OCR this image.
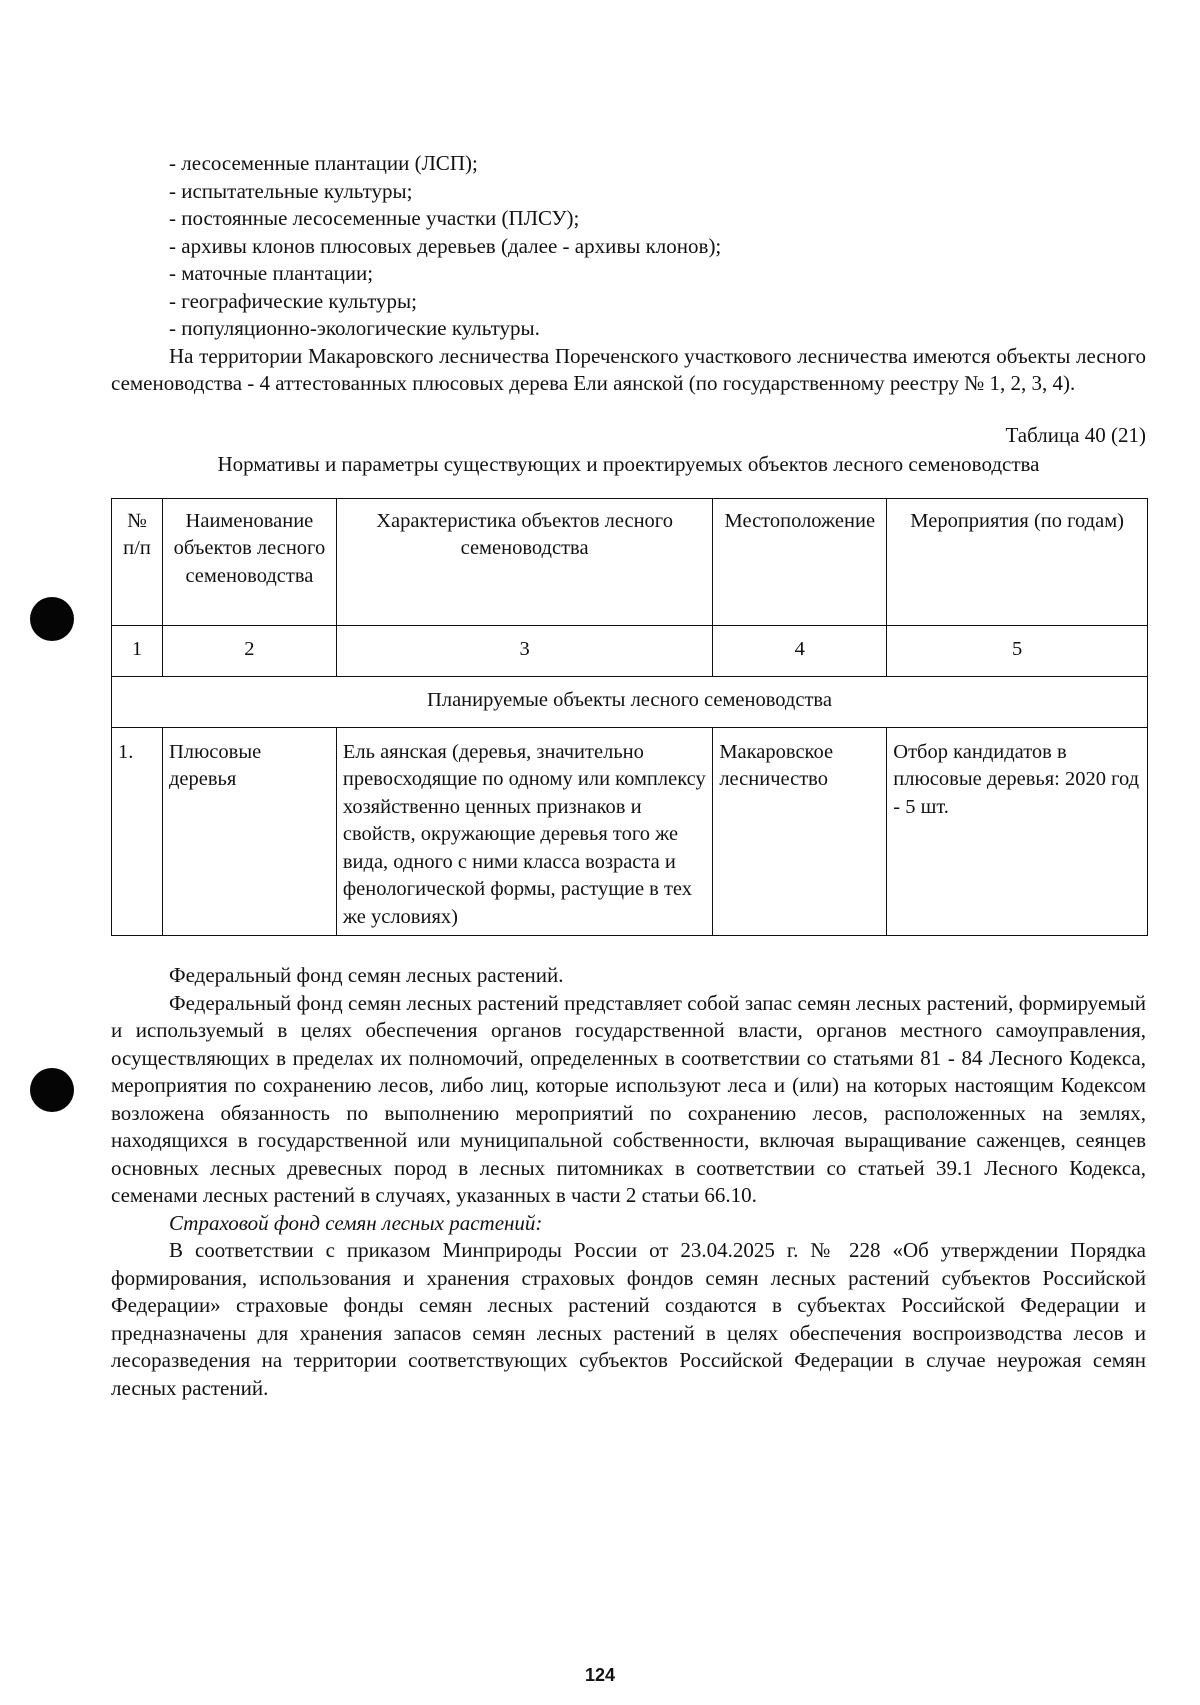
- лесосеменные плантации (ЛСП);
- испытательные культуры;
- постоянные лесосеменные участки (ПЛСУ);
- архивы клонов плюсовых деревьев (далее - архивы клонов);
- маточные плантации;
- географические культуры;
- популяционно-экологические культуры.

На территории Макаровского лесничества Пореченского участкового лесничества имеются объекты лесного семеноводства - 4 аттестованных плюсовых дерева Ели аянской (по государственному реестру № 1, 2, 3, 4).

Таблица 40 (21)
Нормативы и параметры существующих и проектируемых объектов лесного семеноводства
№ п/п	Наименование объектов лесного семеноводства	Характеристика объектов лесного семеноводства	Местоположение	Мероприятия (по годам)
1	2	3	4	5
Планируемые объекты лесного семеноводства				
1.	Плюсовые деревья	Ель аянская (деревья, значительно превосходящие по одному или комплексу хозяйственно ценных признаков и свойств, окружающие деревья того же вида, одного с ними класса возраста и фенологической формы, растущие в тех же условиях)	Макаровское лесничество	Отбор кандидатов в плюсовые деревья: 2020 год - 5 шт.

Федеральный фонд семян лесных растений.

Федеральный фонд семян лесных растений представляет собой запас семян лесных растений, формируемый и используемый в целях обеспечения органов государственной власти, органов местного самоуправления, осуществляющих в пределах их полномочий, определенных в соответствии со статьями 81 - 84 Лесного Кодекса, мероприятия по сохранению лесов, либо лиц, которые используют леса и (или) на которых настоящим Кодексом возложена обязанность по выполнению мероприятий по сохранению лесов, расположенных на землях, находящихся в государственной или муниципальной собственности, включая выращивание саженцев, сеянцев основных лесных древесных пород в лесных питомниках в соответствии со статьей 39.1 Лесного Кодекса, семенами лесных растений в случаях, указанных в части 2 статьи 66.10.

Страховой фонд семян лесных растений:

В соответствии с приказом Минприроды России от 23.04.2025 г. № 228 «Об утверждении Порядка формирования, использования и хранения страховых фондов семян лесных растений субъектов Российской Федерации» страховые фонды семян лесных растений создаются в субъектах Российской Федерации и предназначены для хранения запасов семян лесных растений в целях обеспечения воспроизводства лесов и лесоразведения на территории соответствующих субъектов Российской Федерации в случае неурожая семян лесных растений.

124
